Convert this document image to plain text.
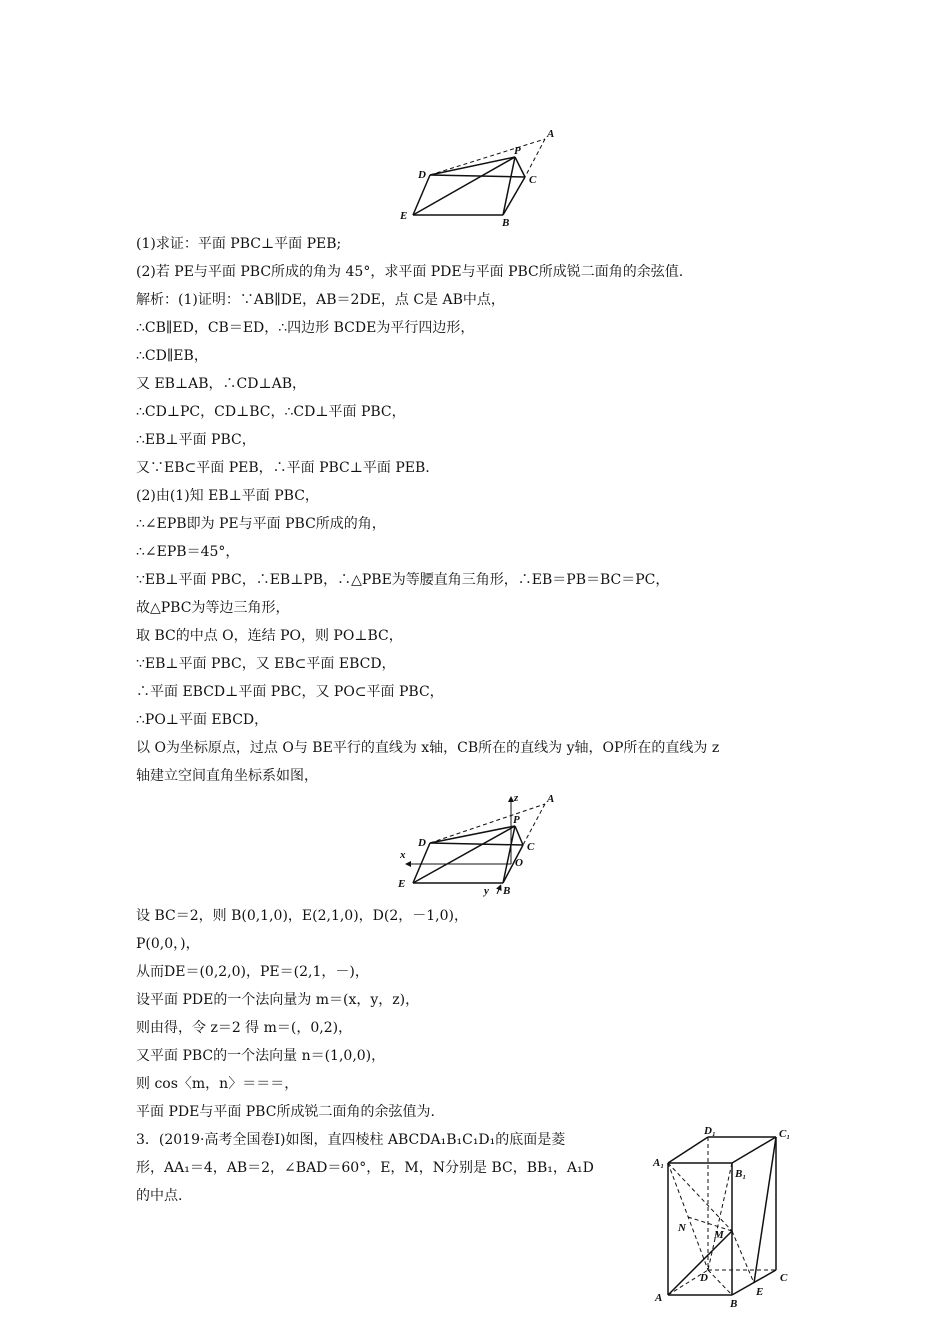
A
P
D	C
E
B
(1)求证：平面 PBC⊥平面 PEB;
(2)若 PE与平面 PBC所成的角为 45°，求平面 PDE与平面 PBC所成锐二面角的余弦值.
解析：(1)证明：∵AB∥DE，AB＝2DE，点 C是 AB中点，
∴CB∥ED，CB＝ED，∴四边形 BCDE为平行四边形，
∴CD∥EB，
又 EB⊥AB，∴CD⊥AB，
∴CD⊥PC，CD⊥BC，∴CD⊥平面 PBC，
∴EB⊥平面 PBC，
又∵EB⊂平面 PEB，∴平面 PBC⊥平面 PEB.
(2)由(1)知 EB⊥平面 PBC，
∴∠EPB即为 PE与平面 PBC所成的角，
∴∠EPB＝45°，
∵EB⊥平面 PBC，∴EB⊥PB，∴△PBE为等腰直角三角形，∴EB＝PB＝BC＝PC，
故△PBC为等边三角形，
取 BC的中点 O，连结 PO，则 PO⊥BC，
∵EB⊥平面 PBC，又 EB⊂平面 EBCD，
∴平面 EBCD⊥平面 PBC，又 PO⊂平面 PBC，
∴PO⊥平面 EBCD，
以 O为坐标原点，过点 O与 BE平行的直线为 x轴，CB所在的直线为 y轴，OP所在的直线为 z
轴建立空间直角坐标系如图，
z	A
D
P
C
x
O
E
y B
设 BC＝2，则 B(0,1,0)，E(2,1,0)，D(2，－1,0)，
P(0,0，)，
从而DE＝(0,2,0)，PE＝(2,1，－)，
设平面 PDE的一个法向量为 m＝(x，y，z)，
则由得，令 z＝2 得 m＝(，0,2)，
又平面 PBC的一个法向量 n＝(1,0,0)，
则 cos〈m，n〉＝＝＝，
平面 PDE与平面 PBC所成锐二面角的余弦值为.
3．(2019·高考全国卷Ⅰ)如图，直四棱柱 ABCDA₁B₁C₁D₁的底面是菱
形，AA₁＝4，AB＝2，∠BAD＝60°，E，M，N分别是 BC，BB₁，A₁D
的中点.
D₁	C₁
A₁
B₁
N
M
D	C
A	B
E
